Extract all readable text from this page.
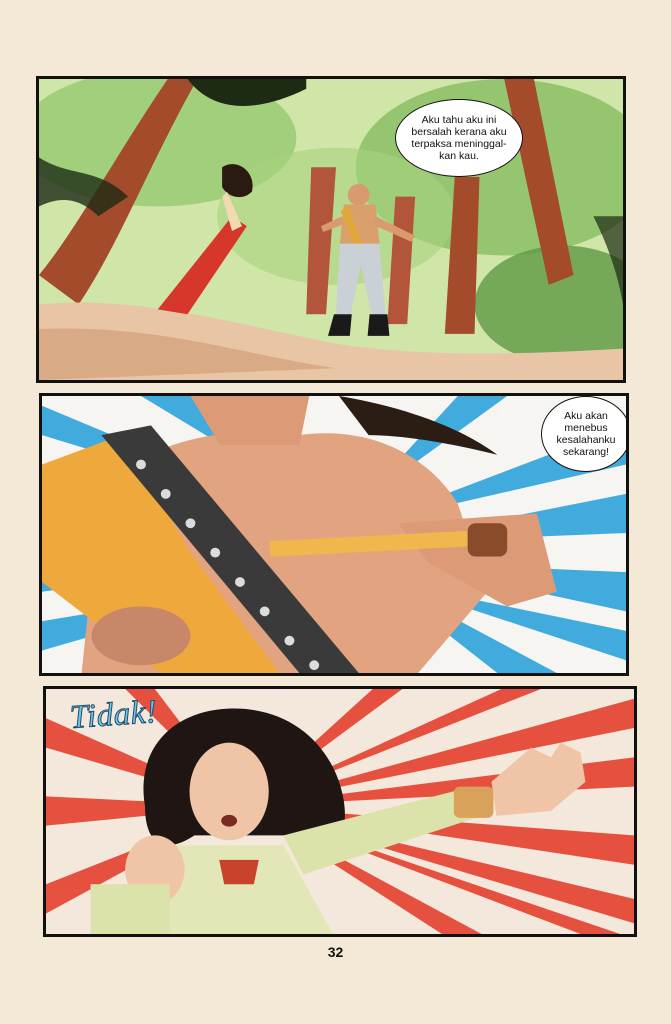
Aku tahu aku ini
bersalah kerana aku
terpaksa meninggal-
kan kau.
Aku akan
menebus
kesalahanku
sekarang!
Tidak!
32
